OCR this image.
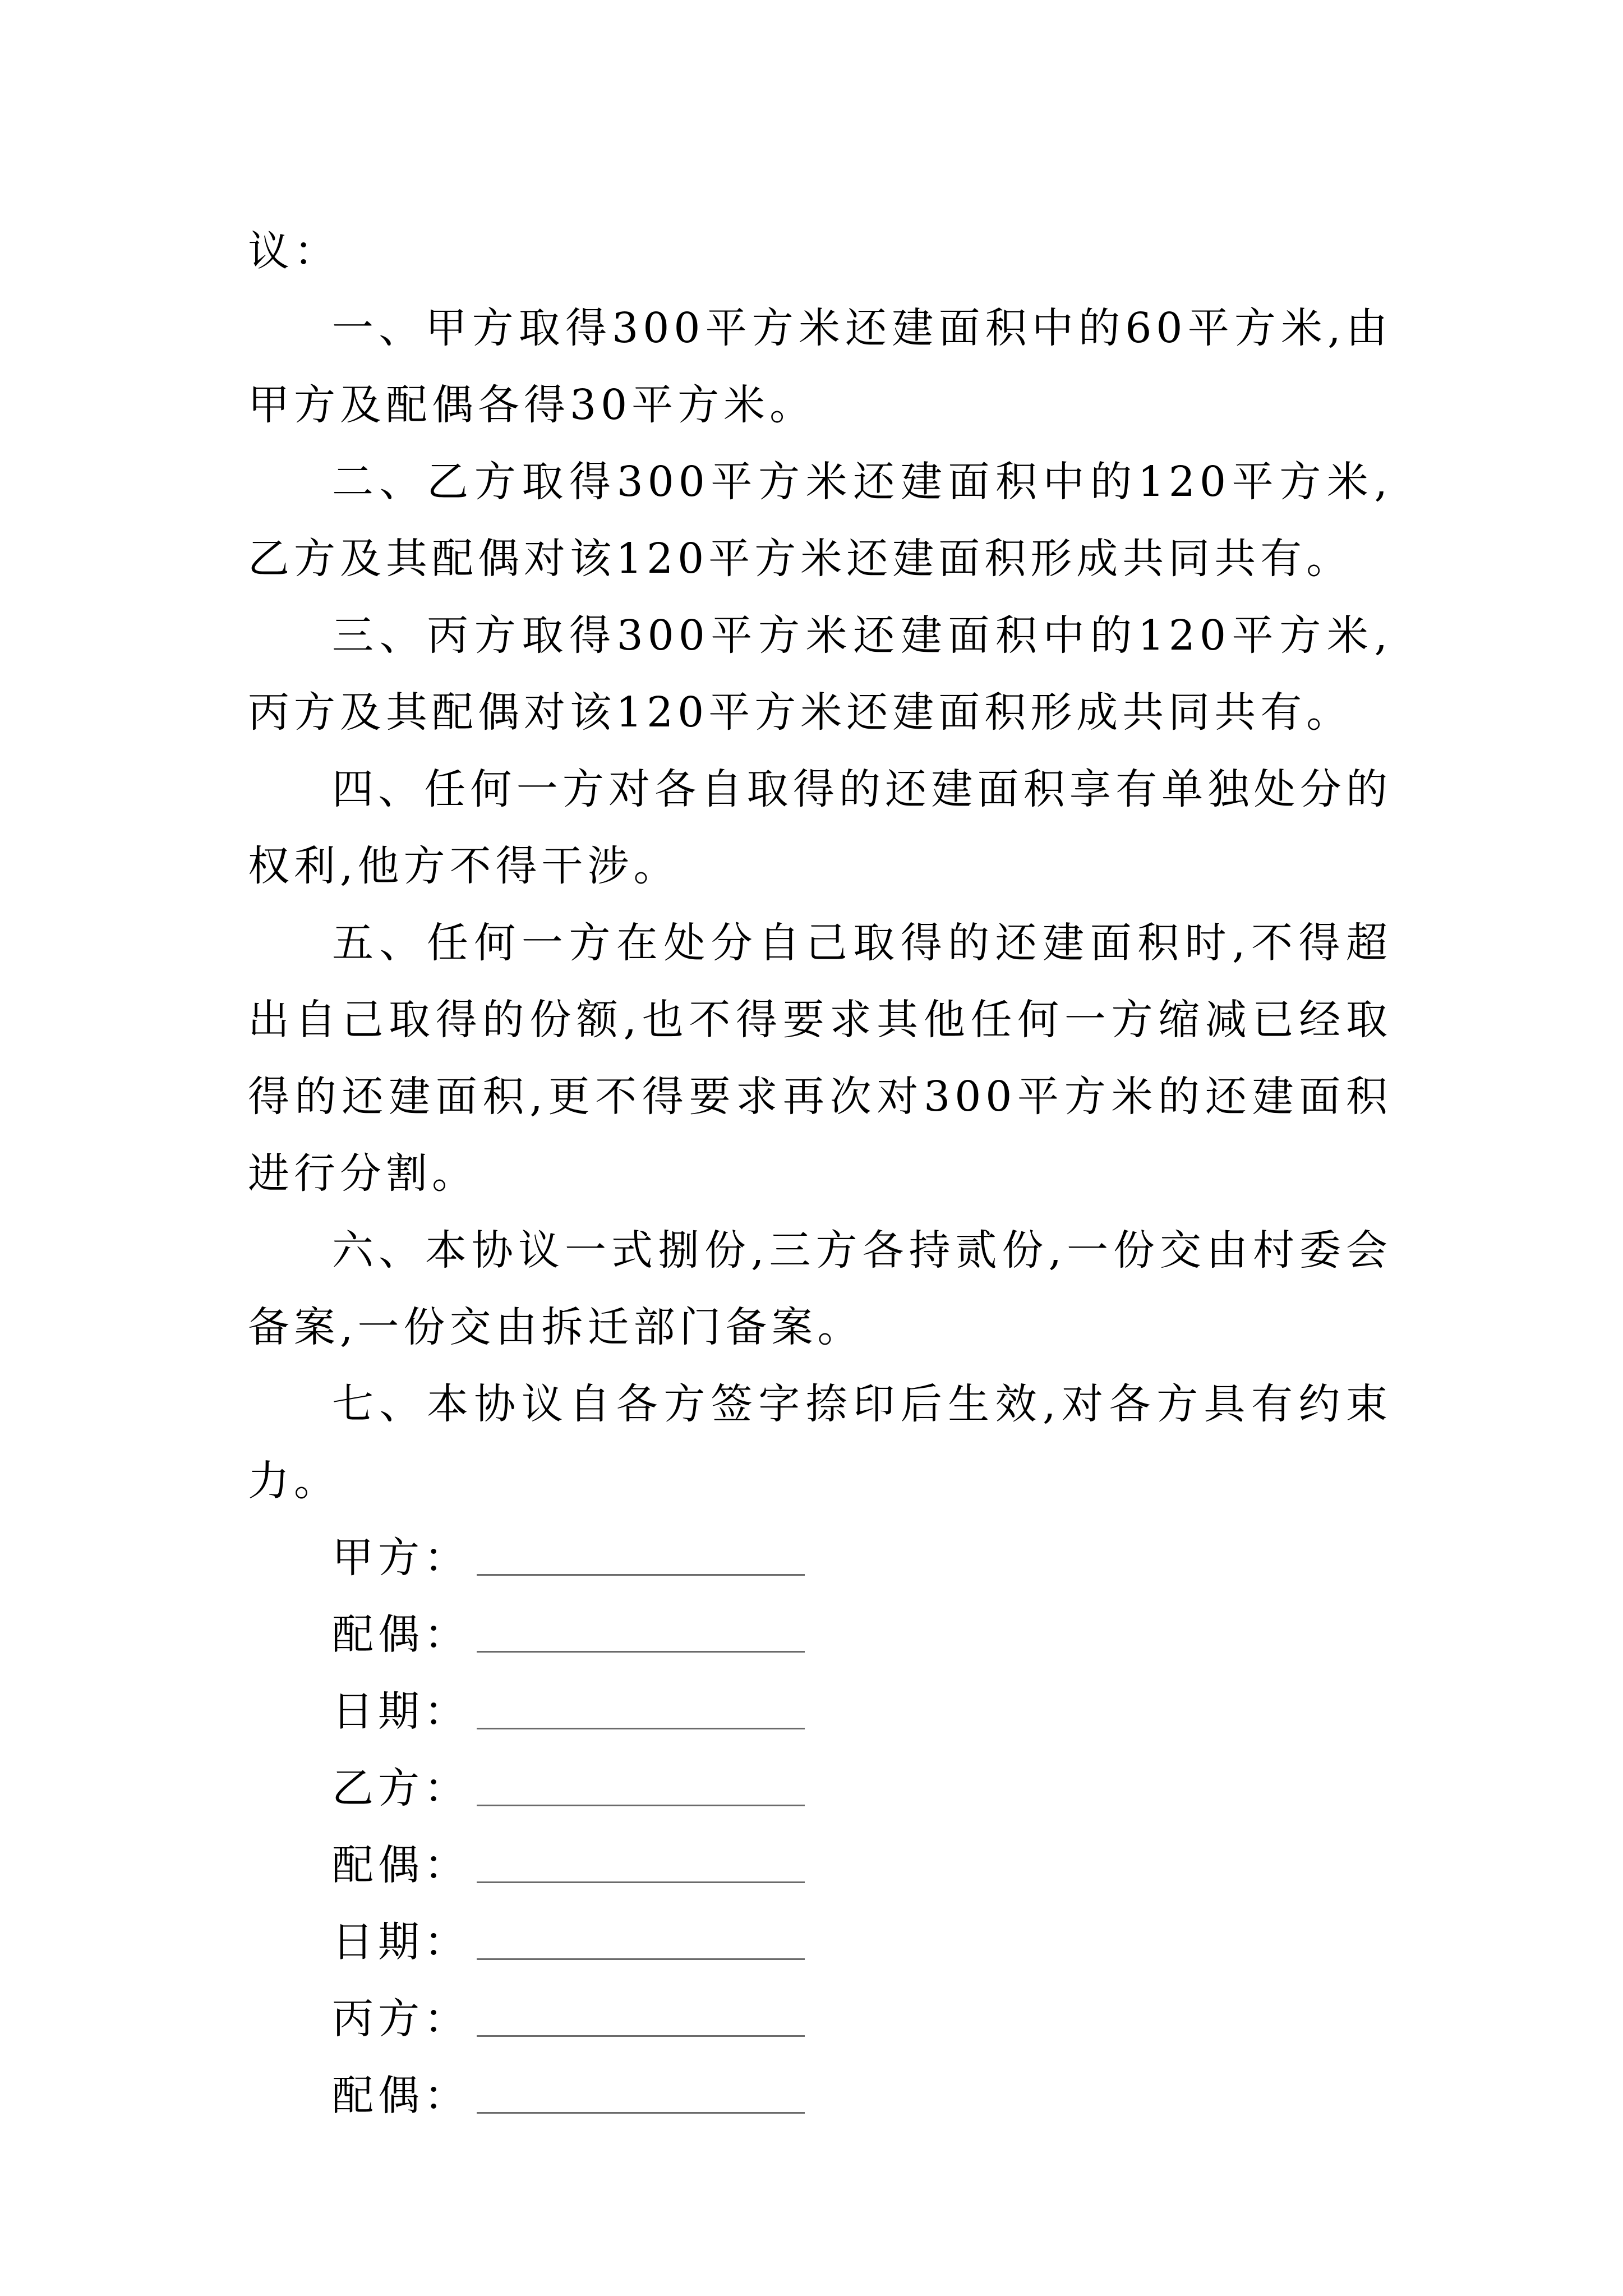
议：

一、甲方取得300平方米还建面积中的60平方米,由甲方及配偶各得30平方米。

二、乙方取得300平方米还建面积中的120平方米,乙方及其配偶对该120平方米还建面积形成共同共有。

三、丙方取得300平方米还建面积中的120平方米,丙方及其配偶对该120平方米还建面积形成共同共有。

四、任何一方对各自取得的还建面积享有单独处分的权利,他方不得干涉。

五、任何一方在处分自己取得的还建面积时,不得超出自己取得的份额,也不得要求其他任何一方缩减已经取得的还建面积,更不得要求再次对300平方米的还建面积进行分割。

六、本协议一式捌份,三方各持贰份,一份交由村委会备案,一份交由拆迁部门备案。

七、本协议自各方签字捺印后生效,对各方具有约束力。

甲方：
配偶：
日期：
乙方：
配偶：
日期：
丙方：
配偶：
